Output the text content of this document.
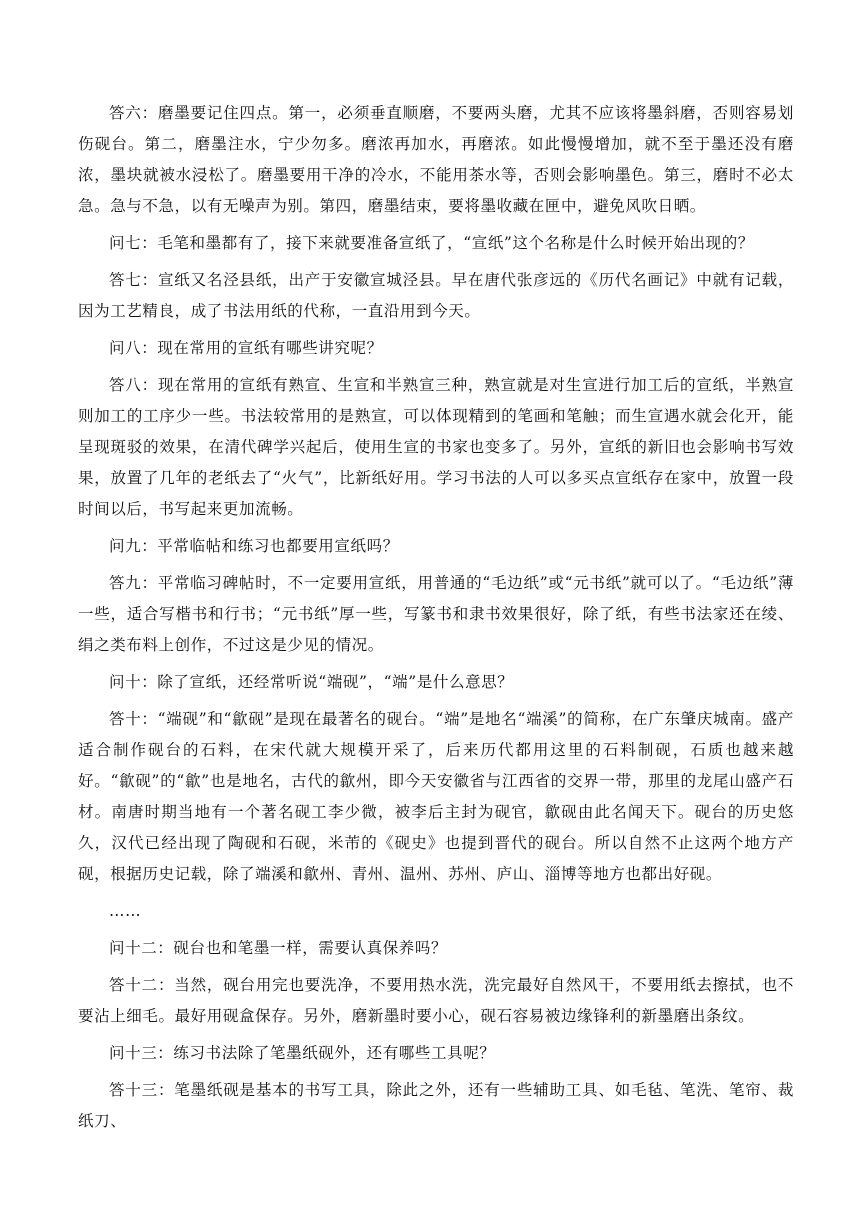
答六：磨墨要记住四点。第一，必须垂直顺磨，不要两头磨，尤其不应该将墨斜磨，否则容易划伤砚台。第二，磨墨注水，宁少勿多。磨浓再加水，再磨浓。如此慢慢增加，就不至于墨还没有磨浓，墨块就被水浸松了。磨墨要用干净的冷水，不能用茶水等，否则会影响墨色。第三，磨时不必太急。急与不急，以有无噪声为别。第四，磨墨结束，要将墨收藏在匣中，避免风吹日晒。

问七：毛笔和墨都有了，接下来就要准备宣纸了，“宣纸”这个名称是什么时候开始出现的？

答七：宣纸又名泾县纸，出产于安徽宣城泾县。早在唐代张彦远的《历代名画记》中就有记载，因为工艺精良，成了书法用纸的代称，一直沿用到今天。

问八：现在常用的宣纸有哪些讲究呢？

答八：现在常用的宣纸有熟宣、生宣和半熟宣三种，熟宣就是对生宣进行加工后的宣纸，半熟宣则加工的工序少一些。书法较常用的是熟宣，可以体现精到的笔画和笔触；而生宣遇水就会化开，能呈现斑驳的效果，在清代碑学兴起后，使用生宣的书家也变多了。另外，宣纸的新旧也会影响书写效果，放置了几年的老纸去了“火气”，比新纸好用。学习书法的人可以多买点宣纸存在家中，放置一段时间以后，书写起来更加流畅。

问九：平常临帖和练习也都要用宣纸吗？

答九：平常临习碑帖时，不一定要用宣纸，用普通的“毛边纸”或“元书纸”就可以了。“毛边纸”薄一些，适合写楷书和行书；“元书纸”厚一些，写篆书和隶书效果很好，除了纸，有些书法家还在绫、绢之类布料上创作，不过这是少见的情况。

问十：除了宣纸，还经常听说“端砚”，“端”是什么意思？

答十：“端砚”和“歙砚”是现在最著名的砚台。“端”是地名“端溪”的简称，在广东肇庆城南。盛产适合制作砚台的石料，在宋代就大规模开采了，后来历代都用这里的石料制砚，石质也越来越好。“歙砚”的“歙”也是地名，古代的歙州，即今天安徽省与江西省的交界一带，那里的龙尾山盛产石材。南唐时期当地有一个著名砚工李少微，被李后主封为砚官，歙砚由此名闻天下。砚台的历史悠久，汉代已经出现了陶砚和石砚，米芾的《砚史》也提到晋代的砚台。所以自然不止这两个地方产砚，根据历史记载，除了端溪和歙州、青州、温州、苏州、庐山、淄博等地方也都出好砚。

……

问十二：砚台也和笔墨一样，需要认真保养吗？

答十二：当然，砚台用完也要洗净，不要用热水洗，洗完最好自然风干，不要用纸去擦拭，也不要沾上细毛。最好用砚盒保存。另外，磨新墨时要小心，砚石容易被边缘锋利的新墨磨出条纹。

问十三：练习书法除了笔墨纸砚外，还有哪些工具呢？

答十三：笔墨纸砚是基本的书写工具，除此之外，还有一些辅助工具、如毛毡、笔洗、笔帘、裁纸刀、
